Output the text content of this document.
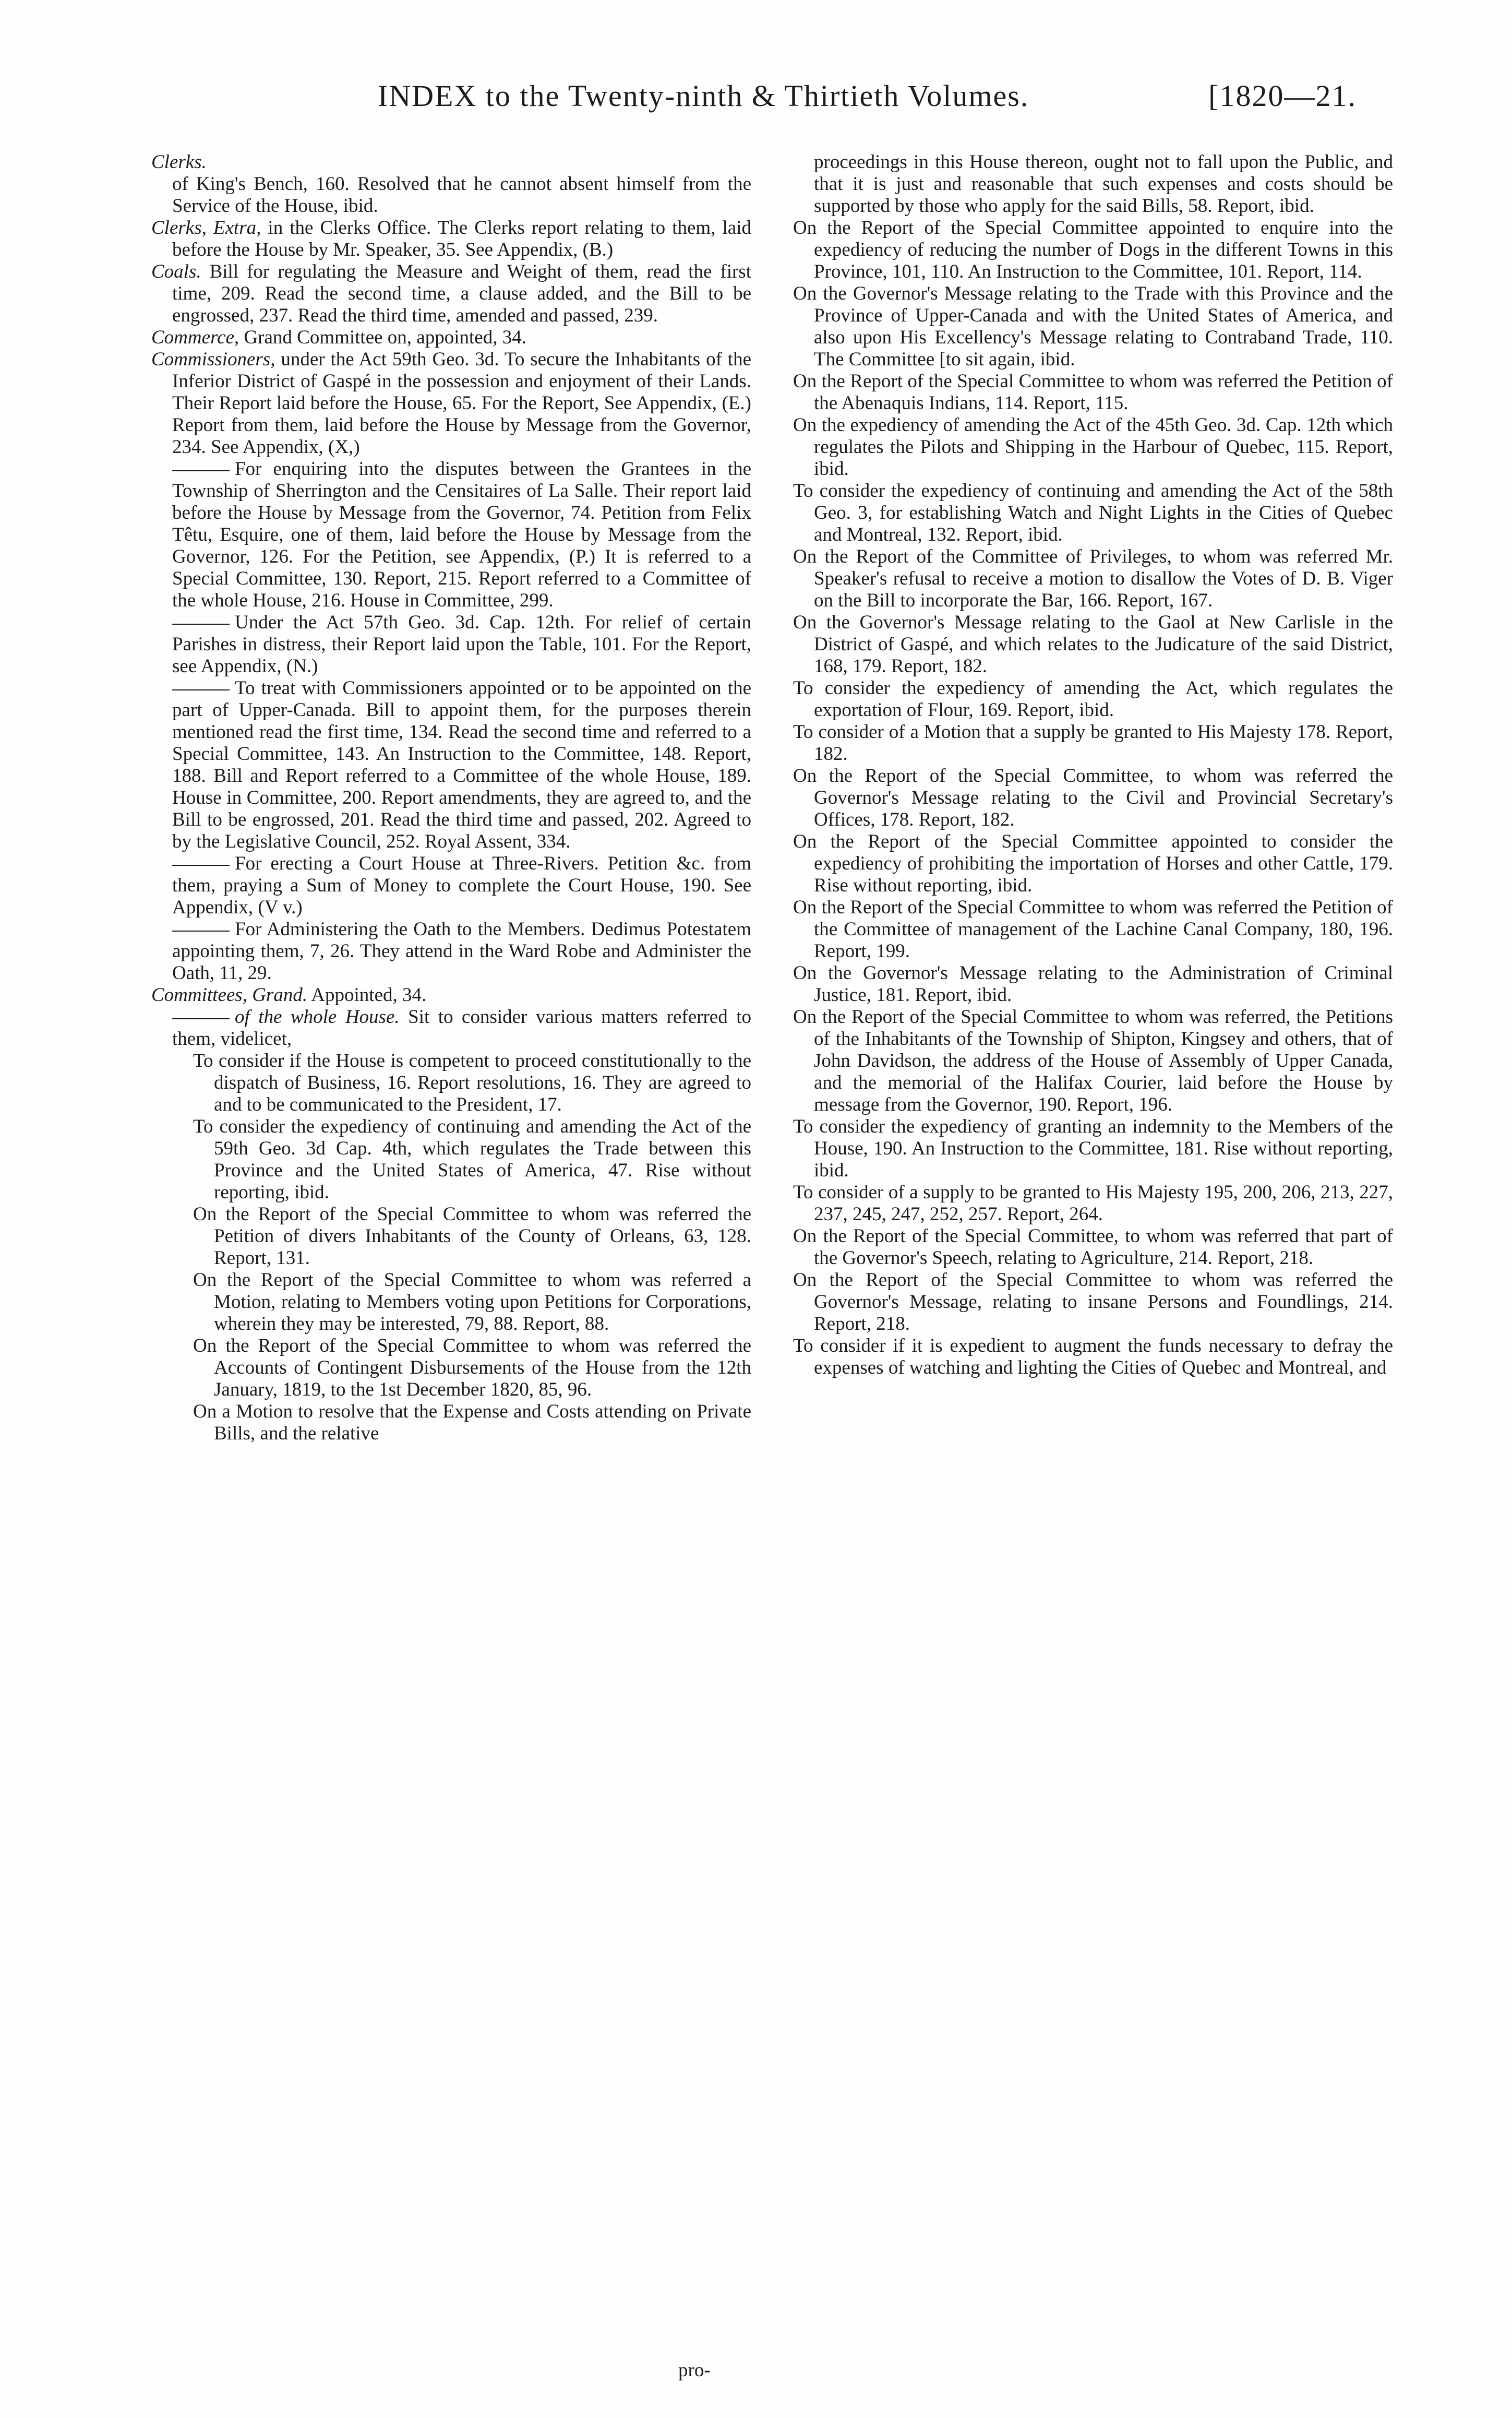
INDEX to the Twenty-ninth & Thirtieth Volumes.	[1820—21.

Clerks.

of King's Bench, 160. Resolved that he cannot absent himself from the Service of the House, ibid.

Clerks, Extra, in the Clerks Office. The Clerks report relating to them, laid before the House by Mr. Speaker, 35. See Appendix, (B.)

Coals. Bill for regulating the Measure and Weight of them, read the first time, 209. Read the second time, a clause added, and the Bill to be engrossed, 237. Read the third time, amended and passed, 239.

Commerce, Grand Committee on, appointed, 34.

Commissioners, under the Act 59th Geo. 3d. To secure the Inhabitants of the Inferior District of Gaspé in the possession and enjoyment of their Lands. Their Report laid before the House, 65. For the Report, See Appendix, (E.) Report from them, laid before the House by Message from the Governor, 234. See Appendix, (X,)

For enquiring into the disputes between the Grantees in the Township of Sherrington and the Censitaires of La Salle. Their report laid before the House by Message from the Governor, 74. Petition from Felix Têtu, Esquire, one of them, laid before the House by Message from the Governor, 126. For the Petition, see Appendix, (P.) It is referred to a Special Committee, 130. Report, 215. Report referred to a Committee of the whole House, 216. House in Committee, 299.

Under the Act 57th Geo. 3d. Cap. 12th. For relief of certain Parishes in distress, their Report laid upon the Table, 101. For the Report, see Appendix, (N.)

To treat with Commissioners appointed or to be appointed on the part of Upper-Canada. Bill to appoint them, for the purposes therein mentioned read the first time, 134. Read the second time and referred to a Special Committee, 143. An Instruction to the Committee, 148. Report, 188. Bill and Report referred to a Committee of the whole House, 189. House in Committee, 200. Report amendments, they are agreed to, and the Bill to be engrossed, 201. Read the third time and passed, 202. Agreed to by the Legislative Council, 252. Royal Assent, 334.

For erecting a Court House at Three-Rivers. Petition &c. from them, praying a Sum of Money to complete the Court House, 190. See Appendix, (V v.)

For Administering the Oath to the Members. Dedimus Potestatem appointing them, 7, 26. They attend in the Ward Robe and Administer the Oath, 11, 29.

Committees, Grand. Appointed, 34.

of the whole House. Sit to consider various matters referred to them, videlicet,

To consider if the House is competent to proceed constitutionally to the dispatch of Business, 16. Report resolutions, 16. They are agreed to and to be communicated to the President, 17.

To consider the expediency of continuing and amending the Act of the 59th Geo. 3d Cap. 4th, which regulates the Trade between this Province and the United States of America, 47. Rise without reporting, ibid.

On the Report of the Special Committee to whom was referred the Petition of divers Inhabitants of the County of Orleans, 63, 128. Report, 131.

On the Report of the Special Committee to whom was referred a Motion, relating to Members voting upon Petitions for Corporations, wherein they may be interested, 79, 88. Report, 88.

On the Report of the Special Committee to whom was referred the Accounts of Contingent Disbursements of the House from the 12th January, 1819, to the 1st December 1820, 85, 96.

On a Motion to resolve that the Expense and Costs attending on Private Bills, and the relative

proceedings in this House thereon, ought not to fall upon the Public, and that it is just and reasonable that such expenses and costs should be supported by those who apply for the said Bills, 58. Report, ibid.

On the Report of the Special Committee appointed to enquire into the expediency of reducing the number of Dogs in the different Towns in this Province, 101, 110. An Instruction to the Committee, 101. Report, 114.

On the Governor's Message relating to the Trade with this Province and the Province of Upper-Canada and with the United States of America, and also upon His Excellency's Message relating to Contraband Trade, 110. The Committee [to sit again, ibid.

On the Report of the Special Committee to whom was referred the Petition of the Abenaquis Indians, 114. Report, 115.

On the expediency of amending the Act of the 45th Geo. 3d. Cap. 12th which regulates the Pilots and Shipping in the Harbour of Quebec, 115. Report, ibid.

To consider the expediency of continuing and amending the Act of the 58th Geo. 3, for establishing Watch and Night Lights in the Cities of Quebec and Montreal, 132. Report, ibid.

On the Report of the Committee of Privileges, to whom was referred Mr. Speaker's refusal to receive a motion to disallow the Votes of D. B. Viger on the Bill to incorporate the Bar, 166. Report, 167.

On the Governor's Message relating to the Gaol at New Carlisle in the District of Gaspé, and which relates to the Judicature of the said District, 168, 179. Report, 182.

To consider the expediency of amending the Act, which regulates the exportation of Flour, 169. Report, ibid.

To consider of a Motion that a supply be granted to His Majesty 178. Report, 182.

On the Report of the Special Committee, to whom was referred the Governor's Message relating to the Civil and Provincial Secretary's Offices, 178. Report, 182.

On the Report of the Special Committee appointed to consider the expediency of prohibiting the importation of Horses and other Cattle, 179. Rise without reporting, ibid.

On the Report of the Special Committee to whom was referred the Petition of the Committee of management of the Lachine Canal Company, 180, 196. Report, 199.

On the Governor's Message relating to the Administration of Criminal Justice, 181. Report, ibid.

On the Report of the Special Committee to whom was referred, the Petitions of the Inhabitants of the Township of Shipton, Kingsey and others, that of John Davidson, the address of the House of Assembly of Upper Canada, and the memorial of the Halifax Courier, laid before the House by message from the Governor, 190. Report, 196.

To consider the expediency of granting an indemnity to the Members of the House, 190. An Instruction to the Committee, 181. Rise without reporting, ibid.

To consider of a supply to be granted to His Majesty 195, 200, 206, 213, 227, 237, 245, 247, 252, 257. Report, 264.

On the Report of the Special Committee, to whom was referred that part of the Governor's Speech, relating to Agriculture, 214. Report, 218.

On the Report of the Special Committee to whom was referred the Governor's Message, relating to insane Persons and Foundlings, 214. Report, 218.

To consider if it is expedient to augment the funds necessary to defray the expenses of watching and lighting the Cities of Quebec and Montreal, and

pro-
